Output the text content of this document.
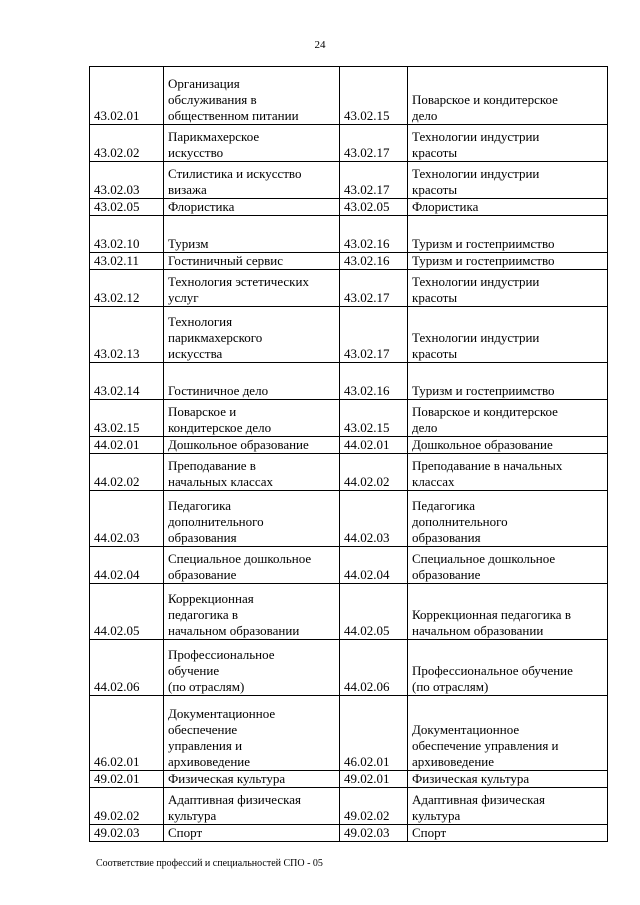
24
43.02.01	Организация
обслуживания в
общественном питании	43.02.15	Поварское и кондитерское
дело

43.02.02	Парикмахерское
искусство	43.02.17	Технологии индустрии
красоты

43.02.03	Стилистика и искусство
визажа	43.02.17	Технологии индустрии
красоты

43.02.05	Флористика	43.02.05	Флористика

43.02.10	Туризм	43.02.16	Туризм и гостеприимство

43.02.11	Гостиничный сервис	43.02.16	Туризм и гостеприимство

43.02.12	Технология эстетических
услуг	43.02.17	Технологии индустрии
красоты

43.02.13	Технология
парикмахерского
искусства	43.02.17	Технологии индустрии
красоты

43.02.14	Гостиничное дело	43.02.16	Туризм и гостеприимство

43.02.15	Поварское и
кондитерское дело	43.02.15	Поварское и кондитерское
дело

44.02.01	Дошкольное образование	44.02.01	Дошкольное образование

44.02.02	Преподавание в
начальных классах	44.02.02	Преподавание в начальных
классах

44.02.03	Педагогика
дополнительного
образования	44.02.03	Педагогика
дополнительного
образования

44.02.04	Специальное дошкольное
образование	44.02.04	Специальное дошкольное
образование

44.02.05	Коррекционная
педагогика в
начальном образовании	44.02.05	Коррекционная педагогика в
начальном образовании

44.02.06	Профессиональное
обучение
(по отраслям)	44.02.06	Профессиональное обучение
(по отраслям)

46.02.01	Документационное
обеспечение
управления и
архивоведение	46.02.01	Документационное
обеспечение управления и
архивоведение

49.02.01	Физическая культура	49.02.01	Физическая культура

49.02.02	Адаптивная физическая
культура	49.02.02	Адаптивная физическая
культура

49.02.03	Спорт	49.02.03	Спорт
Соответствие профессий и специальностей СПО - 05
